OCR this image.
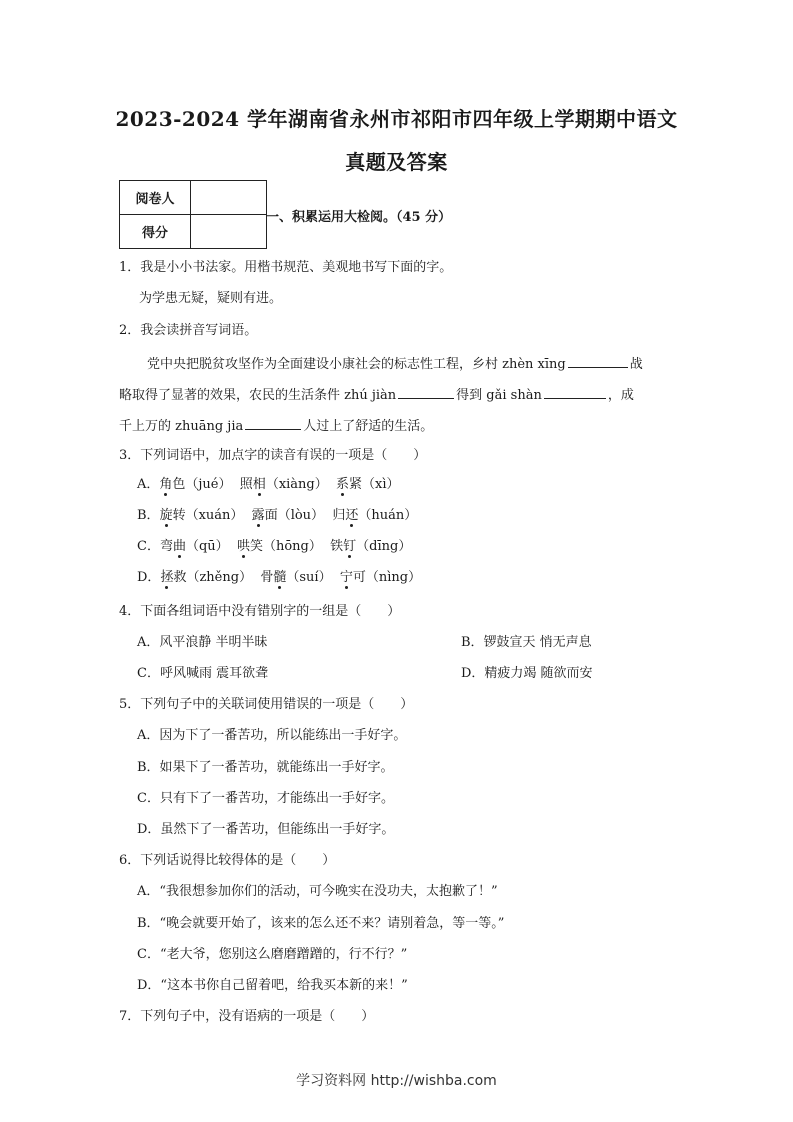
2023-2024 学年湖南省永州市祁阳市四年级上学期期中语文
真题及答案
阅卷人	
得分	
一、积累运用大检阅。（45 分）
1．我是小小书法家。用楷书规范、美观地书写下面的字。
为学患无疑，疑则有进。
2．我会读拼音写词语。
党中央把脱贫攻坚作为全面建设小康社会的标志性工程，乡村 zhèn xīng	战
略取得了显著的效果，农民的生活条件 zhú jiàn	得到 gǎi shàn	，成
千上万的 zhuāng jia	人过上了舒适的生活。
3．下列词语中，加点字的读音有误的一项是（　　）
A．角色（jué） 照相（xiàng） 系紧（xì）
B．旋转（xuán） 露面（lòu） 归还（huán）
C．弯曲（qū） 哄笑（hōng） 铁钉（dīng）
D．拯救（zhěng） 骨髓（suí） 宁可（nìng）
4．下面各组词语中没有错别字的一组是（　　）
A．风平浪静 半明半昧	B．锣鼓宣天 悄无声息
C．呼风喊雨 震耳欲聋	D．精疲力竭 随欲而安
5．下列句子中的关联词使用错误的一项是（　　）
A．因为下了一番苦功，所以能练出一手好字。
B．如果下了一番苦功，就能练出一手好字。
C．只有下了一番苦功，才能练出一手好字。
D．虽然下了一番苦功，但能练出一手好字。
6．下列话说得比较得体的是（　　）
A．“我很想参加你们的活动，可今晚实在没功夫，太抱歉了！”
B．“晚会就要开始了，该来的怎么还不来？请别着急，等一等。”
C．“老大爷，您别这么磨磨蹭蹭的，行不行？”
D．“这本书你自己留着吧，给我买本新的来！”
7．下列句子中，没有语病的一项是（　　）
学习资料网 http://wishba.com
